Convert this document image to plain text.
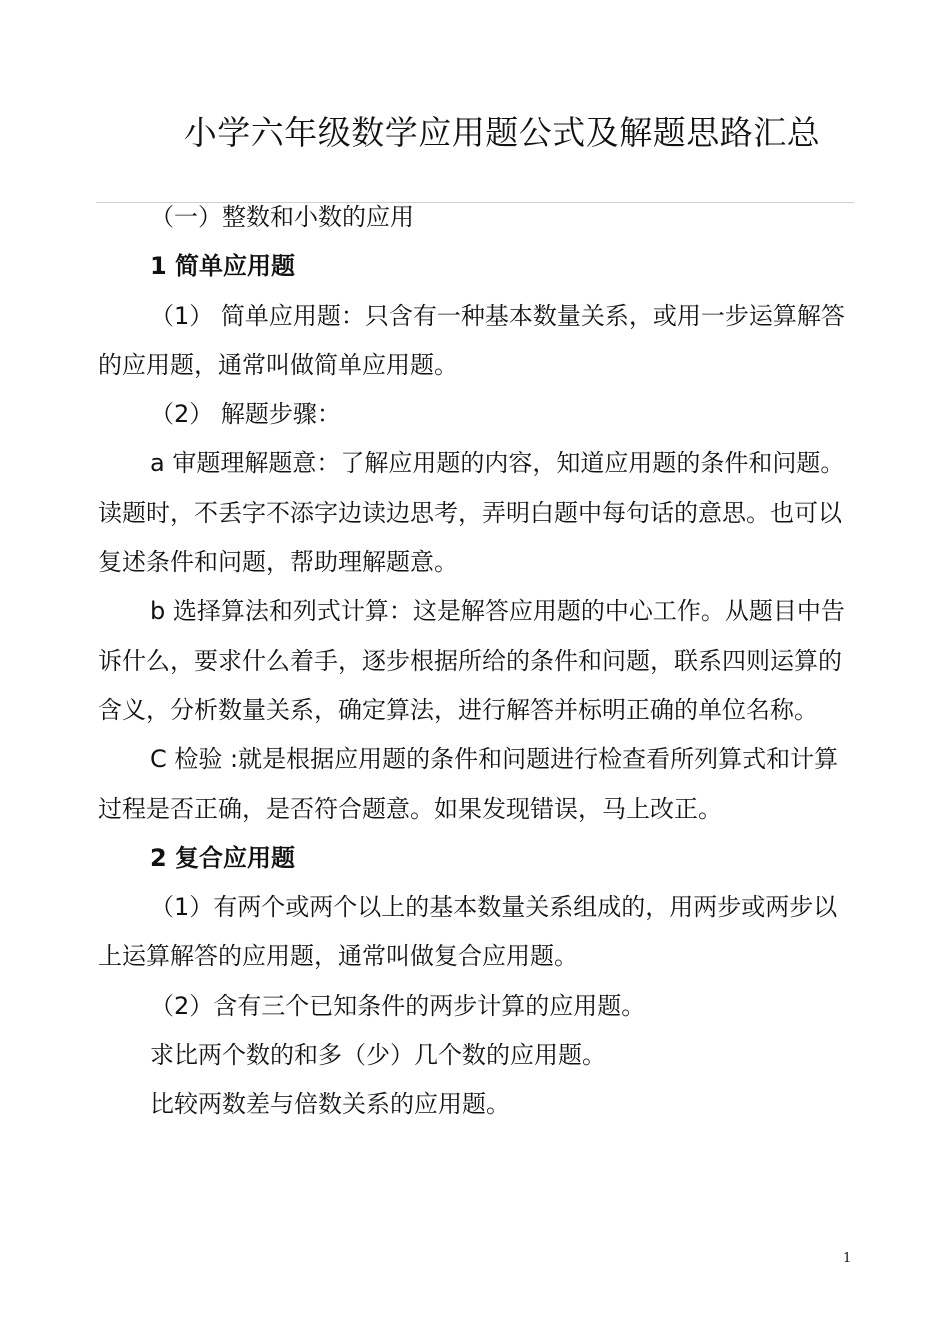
小学六年级数学应用题公式及解题思路汇总

（一）整数和小数的应用

1 简单应用题

（1） 简单应用题：只含有一种基本数量关系，或用一步运算解答的应用题，通常叫做简单应用题。

（2） 解题步骤：

a 审题理解题意：了解应用题的内容，知道应用题的条件和问题。读题时，不丢字不添字边读边思考，弄明白题中每句话的意思。也可以复述条件和问题，帮助理解题意。

b 选择算法和列式计算：这是解答应用题的中心工作。从题目中告诉什么，要求什么着手，逐步根据所给的条件和问题，联系四则运算的含义，分析数量关系，确定算法，进行解答并标明正确的单位名称。

C 检验 :就是根据应用题的条件和问题进行检查看所列算式和计算过程是否正确，是否符合题意。如果发现错误，马上改正。

2 复合应用题

（1）有两个或两个以上的基本数量关系组成的，用两步或两步以上运算解答的应用题，通常叫做复合应用题。

（2）含有三个已知条件的两步计算的应用题。

求比两个数的和多（少）几个数的应用题。

比较两数差与倍数关系的应用题。

1
